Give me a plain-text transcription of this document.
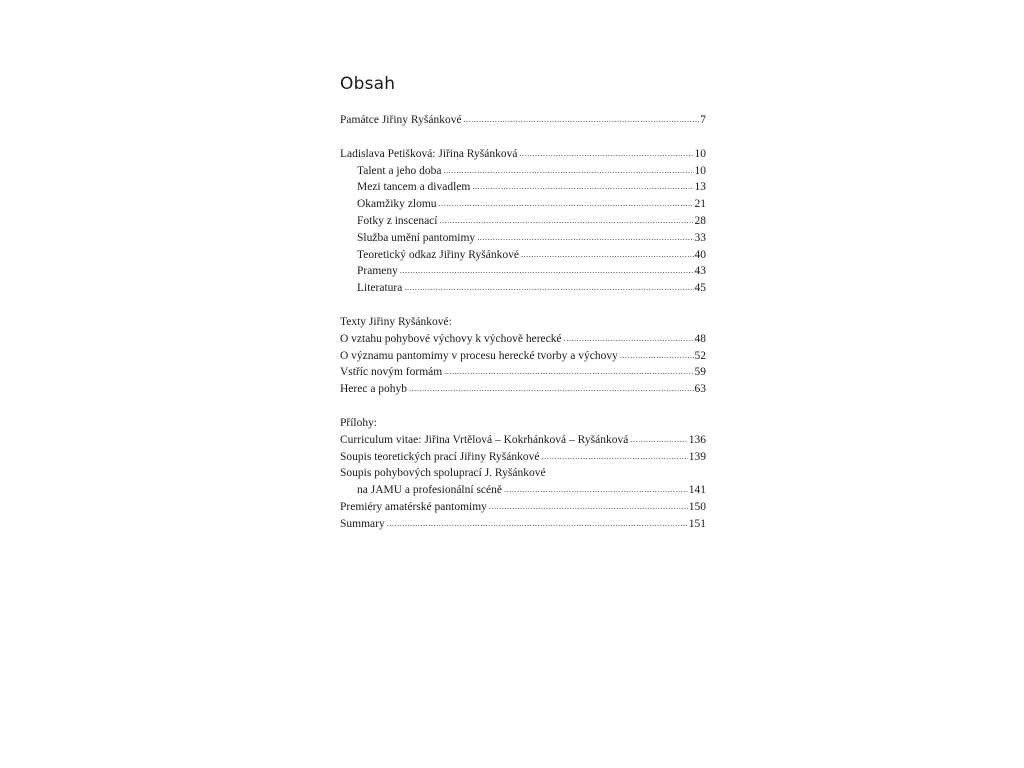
Obsah
Památce Jiřiny Ryšánkové .....	7
Ladislava Petišková: Jiřina Ryšánková .....	10
Talent a jeho doba .....	10
Mezi tancem a divadlem .....	13
Okamžiky zlomu .....	21
Fotky z inscenací .....	28
Služba umění pantomimy .....	33
Teoretický odkaz Jiřiny Ryšánkové .....	40
Prameny .....	43
Literatura .....	45
Texty Jiřiny Ryšánkové:
O vztahu pohybové výchovy k výchově herecké .....	48
O významu pantomimy v procesu herecké tvorby a výchovy .....	52
Vstříc novým formám .....	59
Herec a pohyb .....	63
Přílohy:
Curriculum vitae: Jiřina Vrtělová – Kokrhánková – Ryšánková .....	136
Soupis teoretických prací Jiřiny Ryšánkové .....	139
Soupis pohybových spoluprací J. Ryšánkové
na JAMU a profesionální scéně .....	141
Premiéry amatérské pantomimy .....	150
Summary .....	151
